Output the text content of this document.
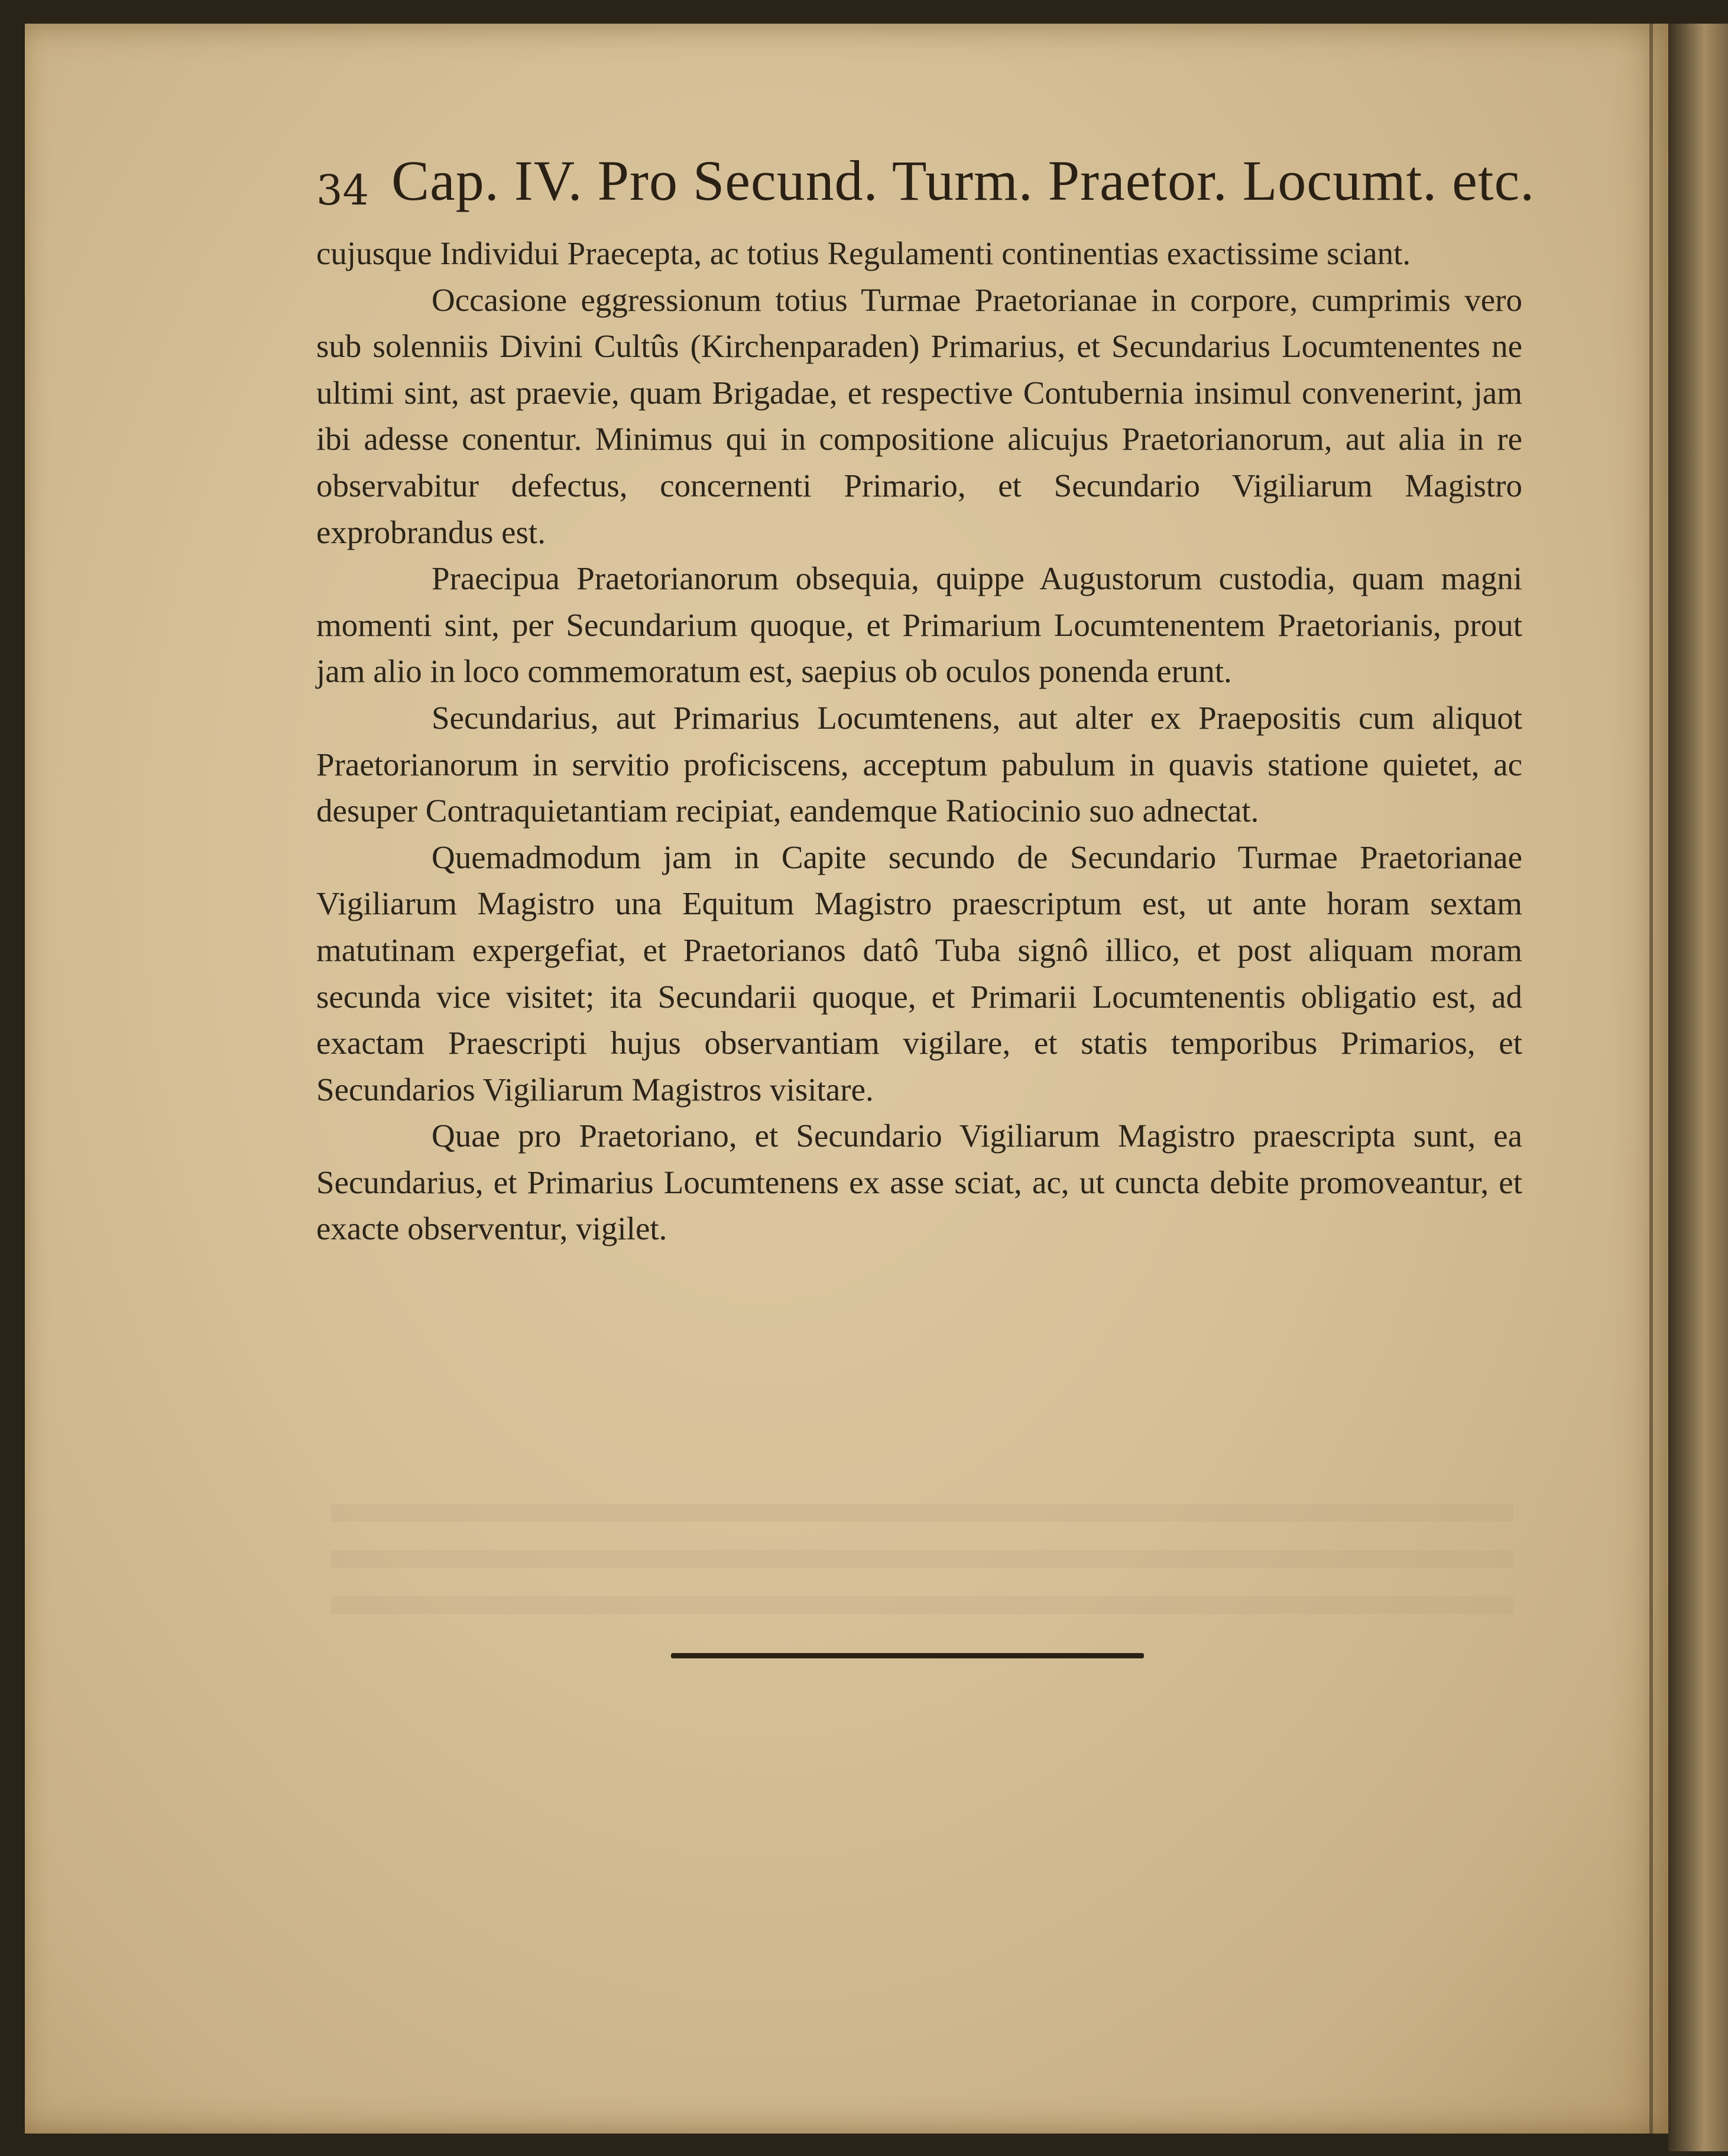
34 Cap. IV. Pro Secund. Turm. Praetor. Locumt. etc.

cujusque Individui Praecepta, ac totius Regulamenti continentias exactissime sciant.

Occasione eggressionum totius Turmae Praetorianae in corpore, cumprimis vero sub solenniis Divini Cultûs (Kirchenparaden) Primarius, et Secundarius Locumtenentes ne ultimi sint, ast praevie, quam Brigadae, et respective Contubernia insimul convenerint, jam ibi adesse conentur. Minimus qui in compositione alicujus Praetorianorum, aut alia in re observabitur defectus, concernenti Primario, et Secundario Vigiliarum Magistro exprobrandus est.

Praecipua Praetorianorum obsequia, quippe Augustorum custodia, quam magni momenti sint, per Secundarium quoque, et Primarium Locumtenentem Praetorianis, prout jam alio in loco commemoratum est, saepius ob oculos ponenda erunt.

Secundarius, aut Primarius Locumtenens, aut alter ex Praepositis cum aliquot Praetorianorum in servitio proficiscens, acceptum pabulum in quavis statione quietet, ac desuper Contraquietantiam recipiat, eandemque Ratiocinio suo adnectat.

Quemadmodum jam in Capite secundo de Secundario Turmae Praetorianae Vigiliarum Magistro una Equitum Magistro praescriptum est, ut ante horam sextam matutinam expergefiat, et Praetorianos datô Tuba signô illico, et post aliquam moram secunda vice visitet; ita Secundarii quoque, et Primarii Locumtenentis obligatio est, ad exactam Praescripti hujus observantiam vigilare, et statis temporibus Primarios, et Secundarios Vigiliarum Magistros visitare.

Quae pro Praetoriano, et Secundario Vigiliarum Magistro praescripta sunt, ea Secundarius, et Primarius Locumtenens ex asse sciat, ac, ut cuncta debite promoveantur, et exacte observentur, vigilet.
